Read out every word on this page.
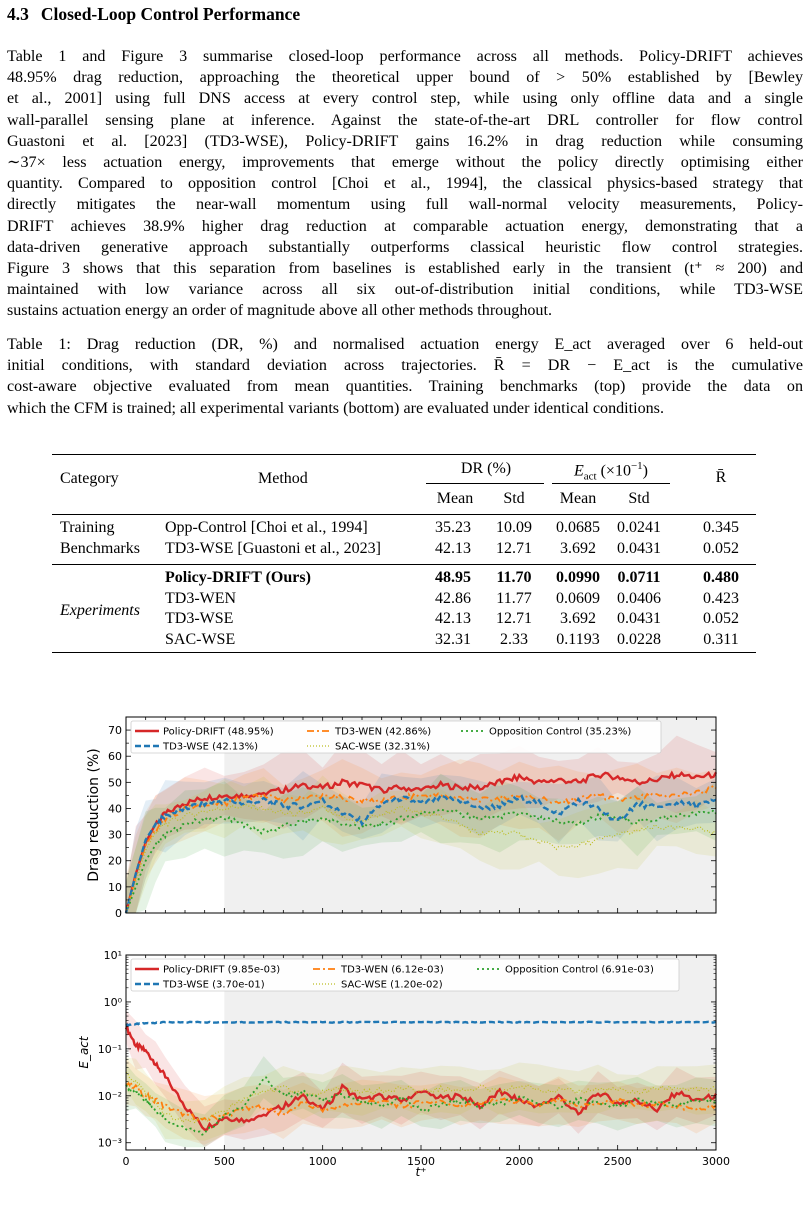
4.3 Closed-Loop Control Performance
Table 1 and Figure 3 summarise closed-loop performance across all methods. Policy-DRIFT achieves
48.95% drag reduction, approaching the theoretical upper bound of > 50% established by [Bewley
et al., 2001] using full DNS access at every control step, while using only offline data and a single
wall-parallel sensing plane at inference. Against the state-of-the-art DRL controller for flow control
Guastoni et al. [2023] (TD3-WSE), Policy-DRIFT gains 16.2% in drag reduction while consuming
∼37× less actuation energy, improvements that emerge without the policy directly optimising either
quantity. Compared to opposition control [Choi et al., 1994], the classical physics-based strategy that
directly mitigates the near-wall momentum using full wall-normal velocity measurements, Policy-
DRIFT achieves 38.9% higher drag reduction at comparable actuation energy, demonstrating that a
data-driven generative approach substantially outperforms classical heuristic flow control strategies.
Figure 3 shows that this separation from baselines is established early in the transient (t⁺ ≈ 200) and
maintained with low variance across all six out-of-distribution initial conditions, while TD3-WSE
sustains actuation energy an order of magnitude above all other methods throughout.
Table 1: Drag reduction (DR, %) and normalised actuation energy E_act averaged over 6 held-out
initial conditions, with standard deviation across trajectories. R̄ = DR − E_act is the cumulative
cost-aware objective evaluated from mean quantities. Training benchmarks (top) provide the data on
which the CFM is trained; all experimental variants (bottom) are evaluated under identical conditions.
Category	Method
DR (%)	$E_{act}$ $(\times 10^{-1})$	R̄
Mean	Std	Mean	Std
Training
Benchmarks
Opp-Control [Choi et al., 1994]	35.23	10.09	0.0685	0.0241	0.345
TD3-WSE [Guastoni et al., 2023]	42.13	12.71	3.692	0.0431	0.052
Experiments
Policy-DRIFT (Ours)	48.95	11.70	0.0990	0.0711	0.480
TD3-WEN	42.86	11.77	0.0609	0.0406	0.423
TD3-WSE	42.13	12.71	3.692	0.0431	0.052
SAC-WSE	32.31	2.33	0.1193	0.0228	0.311
0
10
20
30
40
50
60
70
Drag reduction (%)
Policy-DRIFT (48.95%)	TD3-WEN (42.86%)	Opposition Control (35.23%)
TD3-WSE (42.13%)	SAC-WSE (32.31%)
0	500	1000	1500	2000	2500	3000
t⁺
10⁻³
10⁻²
10⁻¹
10⁰
10¹
E_act
Policy-DRIFT (9.85e-03)	TD3-WEN (6.12e-03)	Opposition Control (6.91e-03)
TD3-WSE (3.70e-01)	SAC-WSE (1.20e-02)
